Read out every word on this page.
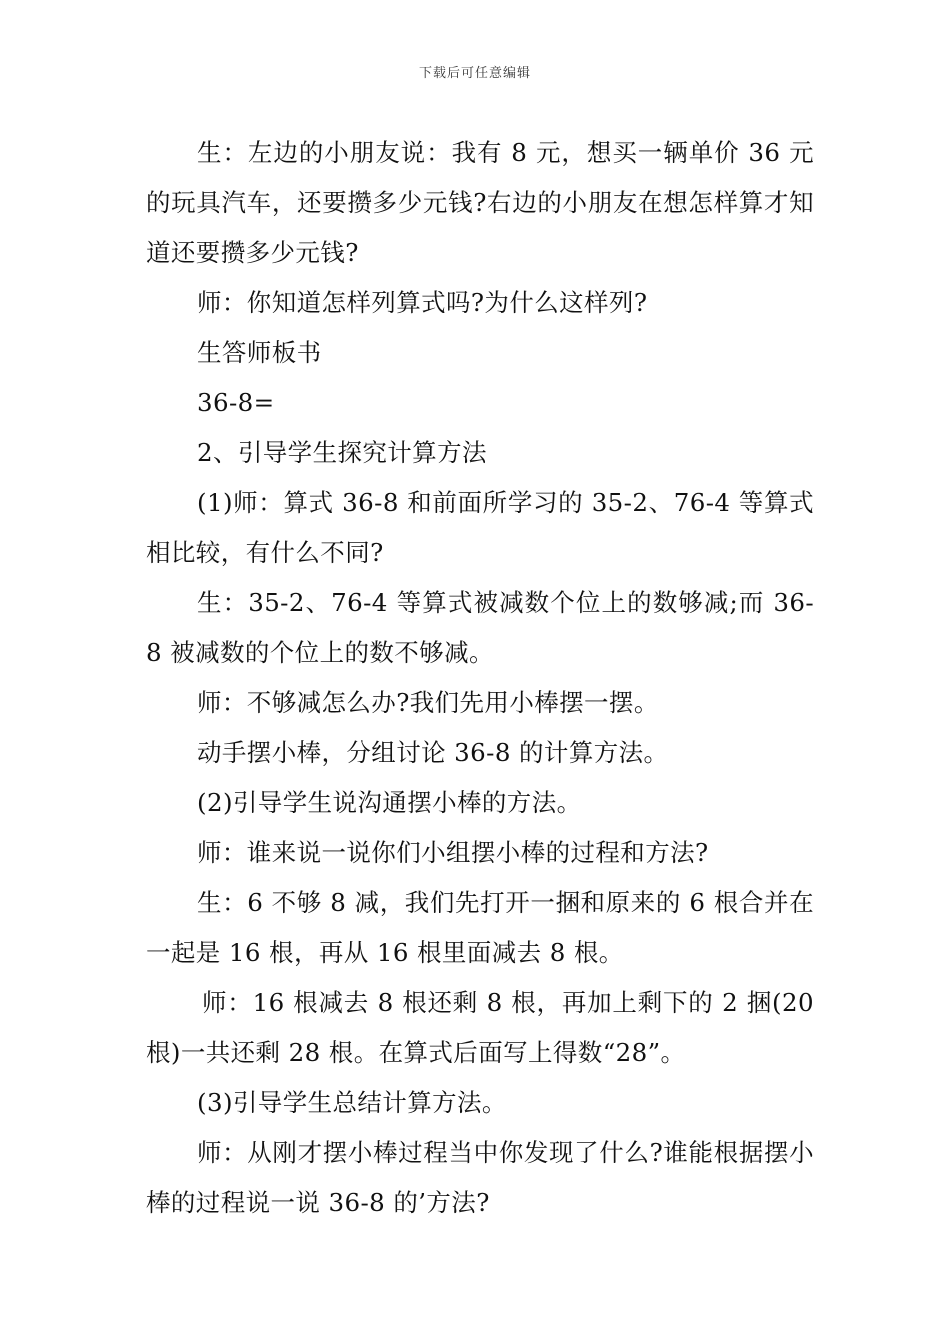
下载后可任意编辑

生：左边的小朋友说：我有 8 元，想买一辆单价 36 元的玩具汽车，还要攒多少元钱?右边的小朋友在想怎样算才知道还要攒多少元钱?

师：你知道怎样列算式吗?为什么这样列?

生答师板书

36-8=

2、引导学生探究计算方法

(1)师：算式 36-8 和前面所学习的 35-2、76-4 等算式相比较，有什么不同?

生：35-2、76-4 等算式被减数个位上的数够减;而 36-8 被减数的个位上的数不够减。

师：不够减怎么办?我们先用小棒摆一摆。

动手摆小棒，分组讨论 36-8 的计算方法。

(2)引导学生说沟通摆小棒的方法。

师：谁来说一说你们小组摆小棒的过程和方法?

生：6 不够 8 减，我们先打开一捆和原来的 6 根合并在一起是 16 根，再从 16 根里面减去 8 根。

师：16 根减去 8 根还剩 8 根，再加上剩下的 2 捆(20 根)一共还剩 28 根。在算式后面写上得数“28”。

(3)引导学生总结计算方法。

师：从刚才摆小棒过程当中你发现了什么?谁能根据摆小棒的过程说一说 36-8 的’方法?
